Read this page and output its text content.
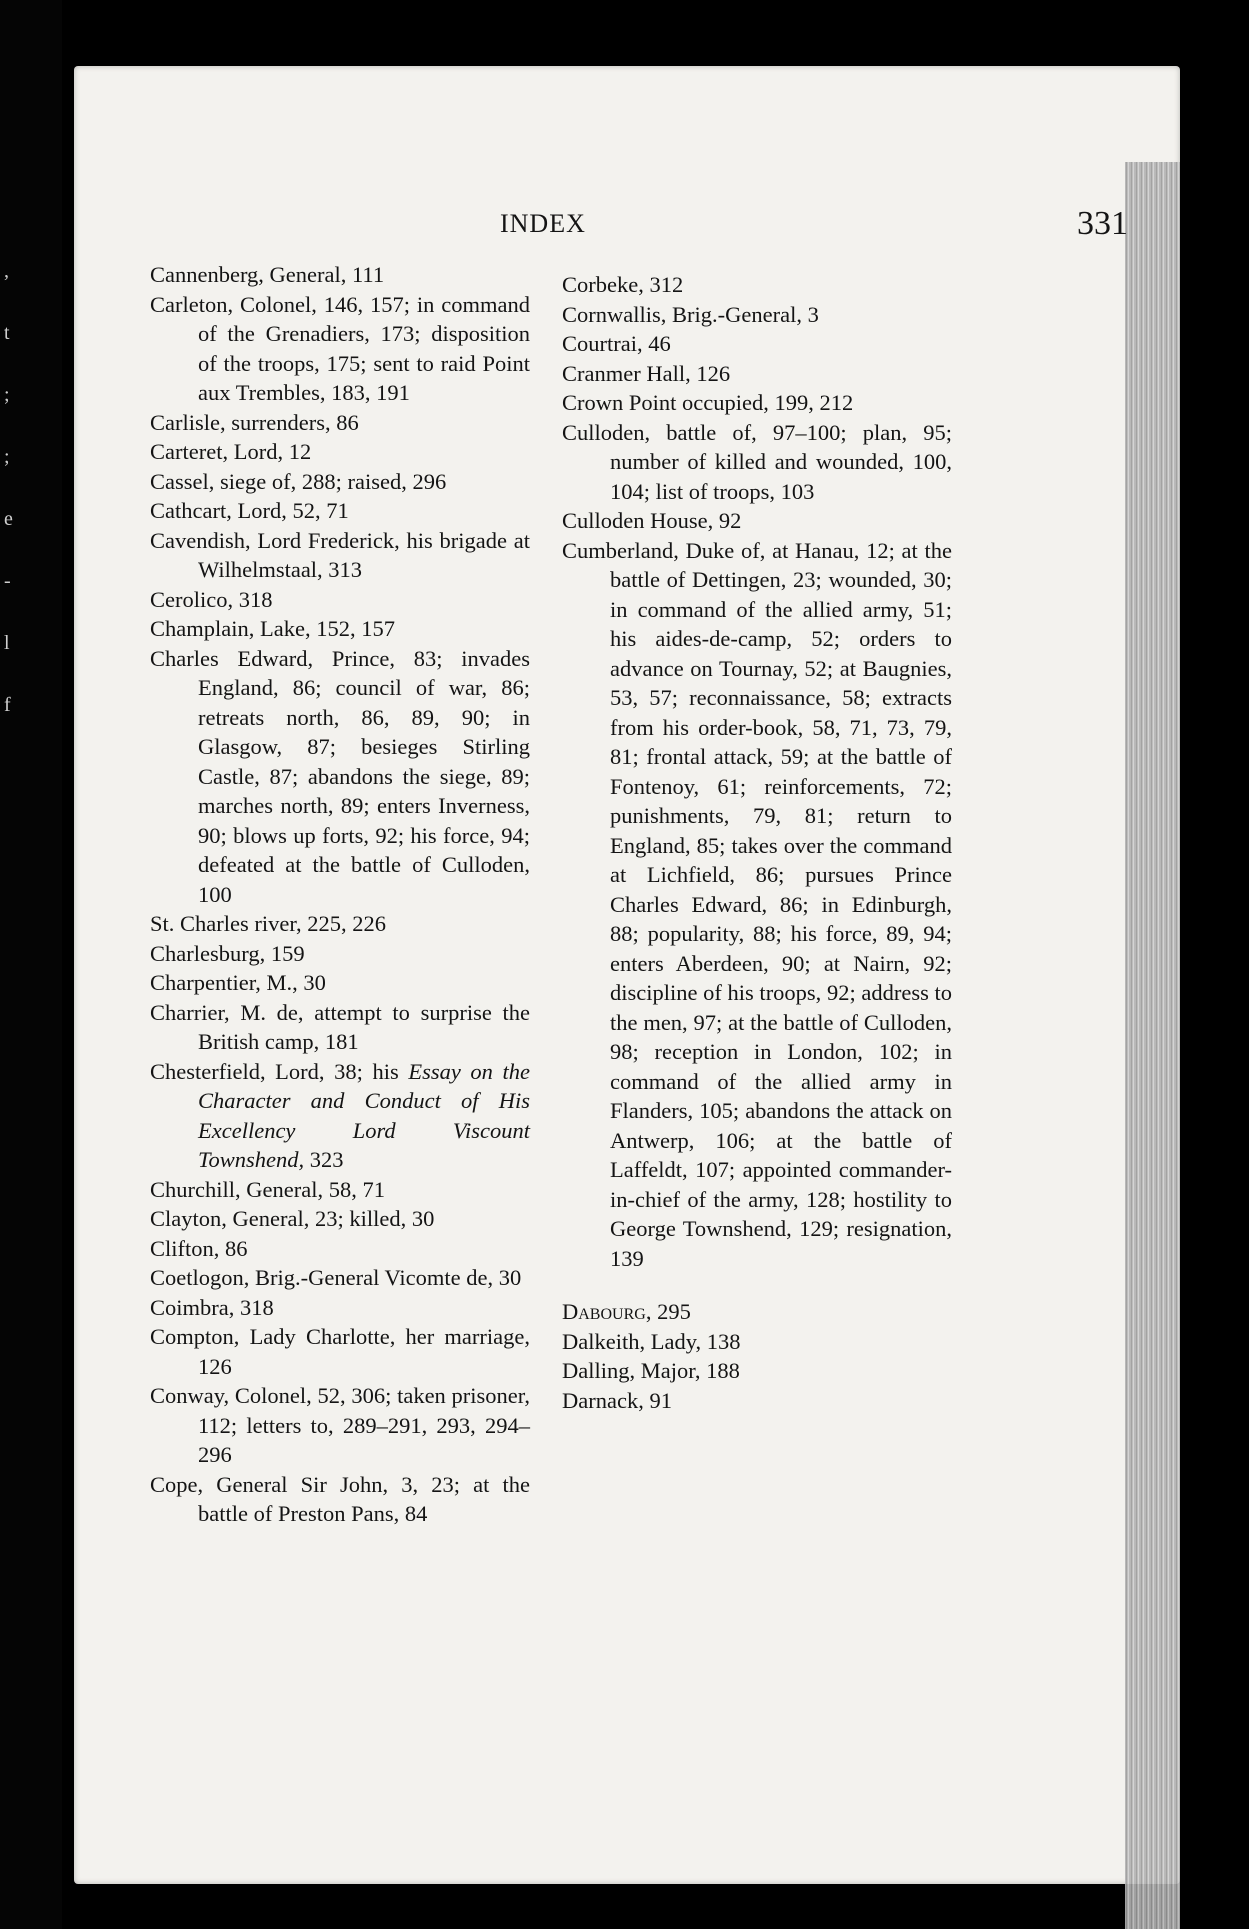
,
t
;
;
e
-
l
f
INDEX	331

Cannenberg, General, 111

Carleton, Colonel, 146, 157; in command of the Grenadiers, 173; disposition of the troops, 175; sent to raid Point aux Trembles, 183, 191

Carlisle, surrenders, 86

Carteret, Lord, 12

Cassel, siege of, 288; raised, 296

Cathcart, Lord, 52, 71

Cavendish, Lord Frederick, his brigade at Wilhelmstaal, 313

Cerolico, 318

Champlain, Lake, 152, 157

Charles Edward, Prince, 83; invades England, 86; council of war, 86; retreats north, 86, 89, 90; in Glasgow, 87; besieges Stirling Castle, 87; abandons the siege, 89; marches north, 89; enters Inverness, 90; blows up forts, 92; his force, 94; defeated at the battle of Culloden, 100

St. Charles river, 225, 226

Charlesburg, 159

Charpentier, M., 30

Charrier, M. de, attempt to surprise the British camp, 181

Chesterfield, Lord, 38; his Essay on the Character and Conduct of His Excellency Lord Viscount Townshend, 323

Churchill, General, 58, 71

Clayton, General, 23; killed, 30

Clifton, 86

Coetlogon, Brig.-General Vicomte de, 30

Coimbra, 318

Compton, Lady Charlotte, her marriage, 126

Conway, Colonel, 52, 306; taken prisoner, 112; letters to, 289–291, 293, 294–296

Cope, General Sir John, 3, 23; at the battle of Preston Pans, 84

Corbeke, 312

Cornwallis, Brig.-General, 3

Courtrai, 46

Cranmer Hall, 126

Crown Point occupied, 199, 212

Culloden, battle of, 97–100; plan, 95; number of killed and wounded, 100, 104; list of troops, 103

Culloden House, 92

Cumberland, Duke of, at Hanau, 12; at the battle of Dettingen, 23; wounded, 30; in command of the allied army, 51; his aides-de-camp, 52; orders to advance on Tournay, 52; at Baugnies, 53, 57; reconnaissance, 58; extracts from his order-book, 58, 71, 73, 79, 81; frontal attack, 59; at the battle of Fontenoy, 61; reinforcements, 72; punishments, 79, 81; return to England, 85; takes over the command at Lichfield, 86; pursues Prince Charles Edward, 86; in Edinburgh, 88; popularity, 88; his force, 89, 94; enters Aberdeen, 90; at Nairn, 92; discipline of his troops, 92; address to the men, 97; at the battle of Culloden, 98; reception in London, 102; in command of the allied army in Flanders, 105; abandons the attack on Antwerp, 106; at the battle of Laffeldt, 107; appointed commander-in-chief of the army, 128; hostility to George Townshend, 129; resignation, 139

Dabourg, 295

Dalkeith, Lady, 138

Dalling, Major, 188

Darnack, 91
